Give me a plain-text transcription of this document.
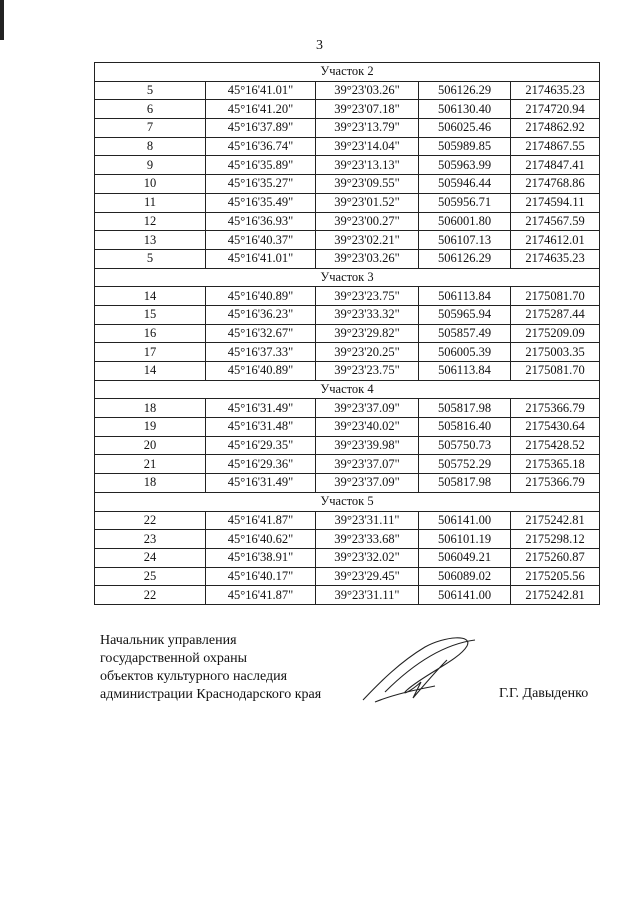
3
Участок 2				
5	45°16'41.01"	39°23'03.26"	506126.29	2174635.23
6	45°16'41.20"	39°23'07.18"	506130.40	2174720.94
7	45°16'37.89"	39°23'13.79"	506025.46	2174862.92
8	45°16'36.74"	39°23'14.04"	505989.85	2174867.55
9	45°16'35.89"	39°23'13.13"	505963.99	2174847.41
10	45°16'35.27"	39°23'09.55"	505946.44	2174768.86
11	45°16'35.49"	39°23'01.52"	505956.71	2174594.11
12	45°16'36.93"	39°23'00.27"	506001.80	2174567.59
13	45°16'40.37"	39°23'02.21"	506107.13	2174612.01
5	45°16'41.01"	39°23'03.26"	506126.29	2174635.23
Участок 3				
14	45°16'40.89"	39°23'23.75"	506113.84	2175081.70
15	45°16'36.23"	39°23'33.32"	505965.94	2175287.44
16	45°16'32.67"	39°23'29.82"	505857.49	2175209.09
17	45°16'37.33"	39°23'20.25"	506005.39	2175003.35
14	45°16'40.89"	39°23'23.75"	506113.84	2175081.70
Участок 4				
18	45°16'31.49"	39°23'37.09"	505817.98	2175366.79
19	45°16'31.48"	39°23'40.02"	505816.40	2175430.64
20	45°16'29.35"	39°23'39.98"	505750.73	2175428.52
21	45°16'29.36"	39°23'37.07"	505752.29	2175365.18
18	45°16'31.49"	39°23'37.09"	505817.98	2175366.79
Участок 5				
22	45°16'41.87"	39°23'31.11"	506141.00	2175242.81
23	45°16'40.62"	39°23'33.68"	506101.19	2175298.12
24	45°16'38.91"	39°23'32.02"	506049.21	2175260.87
25	45°16'40.17"	39°23'29.45"	506089.02	2175205.56
22	45°16'41.87"	39°23'31.11"	506141.00	2175242.81
Начальник управления
государственной охраны
объектов культурного наследия
администрации Краснодарского края	Г.Г. Давыденко
